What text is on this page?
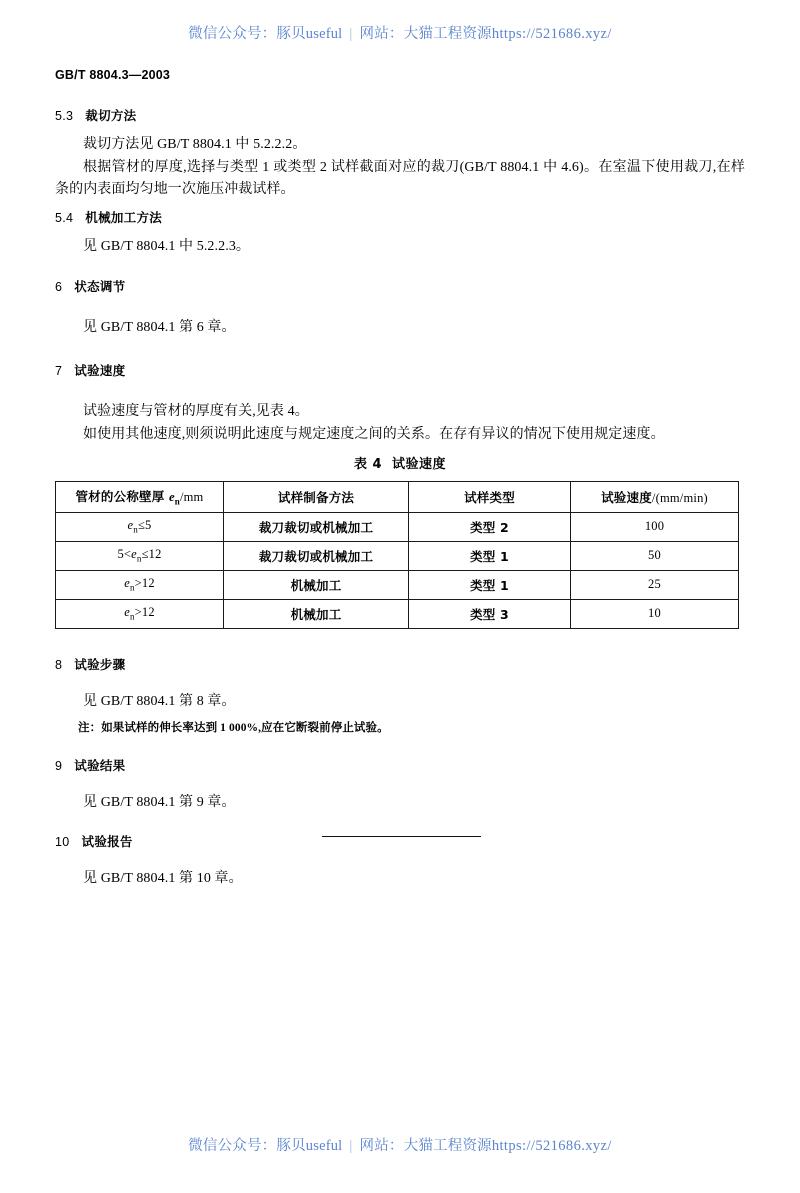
微信公众号：豚贝useful | 网站：大猫工程资源https://521686.xyz/
GB/T 8804.3—2003
5.3 裁切方法

裁切方法见 GB/T 8804.1 中 5.2.2.2。

根据管材的厚度,选择与类型 1 或类型 2 试样截面对应的裁刀(GB/T 8804.1 中 4.6)。在室温下使用裁刀,在样条的内表面均匀地一次施压冲裁试样。

5.4 机械加工方法

见 GB/T 8804.1 中 5.2.2.3。

6 状态调节

见 GB/T 8804.1 第 6 章。

7 试验速度

试验速度与管材的厚度有关,见表 4。

如使用其他速度,则须说明此速度与规定速度之间的关系。在存有异议的情况下使用规定速度。

表 4 试验速度
管材的公称壁厚 $e_n/mm$	试样制备方法	试样类型	试验速度/(mm/min)
$e_n\le 5$	裁刀裁切或机械加工	类型 2	100
$5<e_n\le 12$	裁刀裁切或机械加工	类型 1	50
$e_n>12$	机械加工	类型 1	25
$e_n>12$	机械加工	类型 3	10
8 试验步骤

见 GB/T 8804.1 第 8 章。

注：如果试样的伸长率达到 1 000%,应在它断裂前停止试验。

9 试验结果

见 GB/T 8804.1 第 9 章。

10 试验报告

见 GB/T 8804.1 第 10 章。

微信公众号：豚贝useful | 网站：大猫工程资源https://521686.xyz/
